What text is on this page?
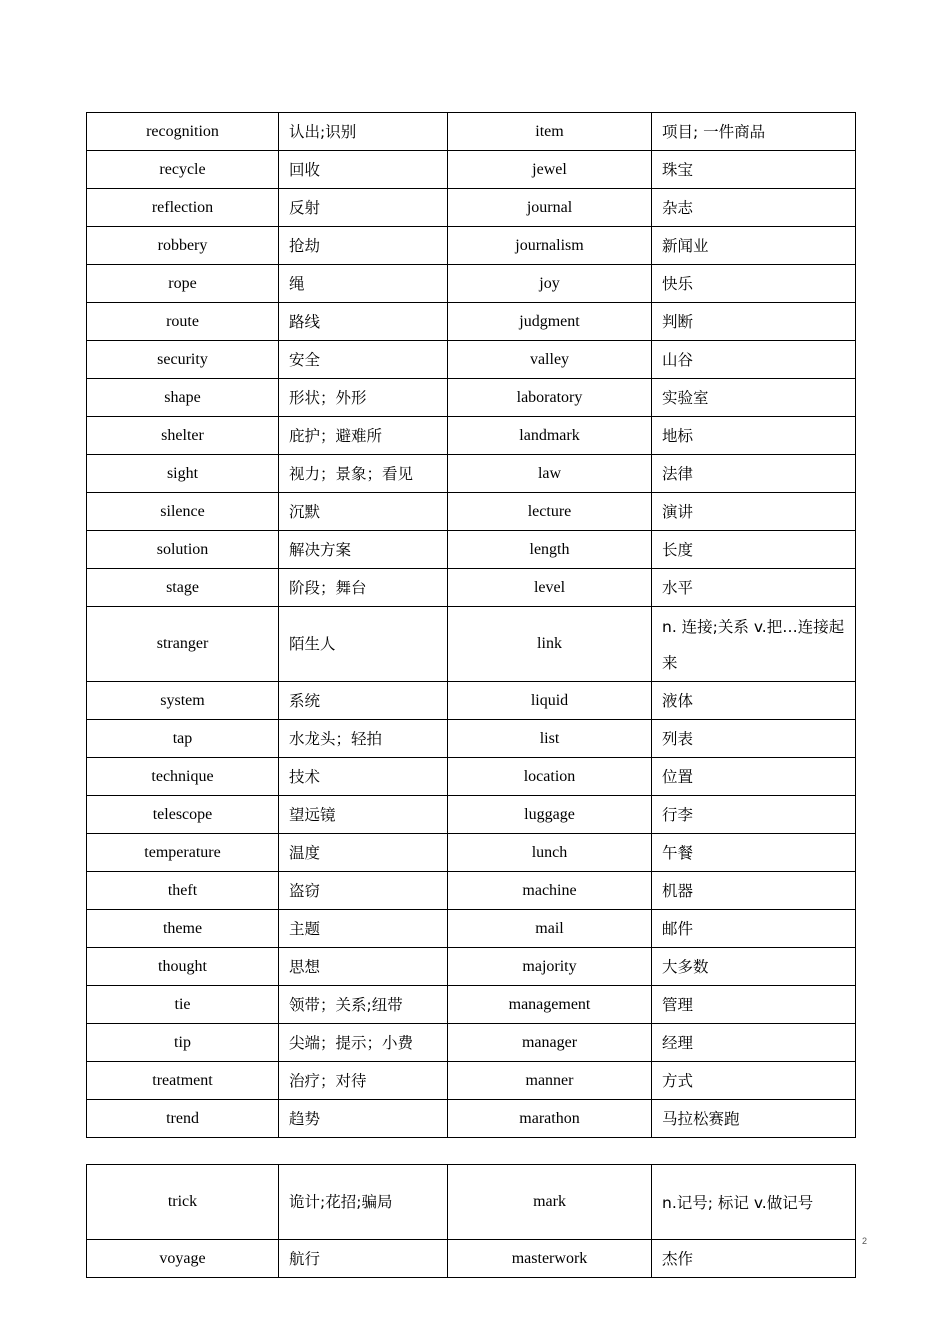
recognition	认出;识别	item	项目; 一件商品
recycle	回收	jewel	珠宝
reflection	反射	journal	杂志
robbery	抢劫	journalism	新闻业
rope	绳	joy	快乐
route	路线	judgment	判断
security	安全	valley	山谷
shape	形状；外形	laboratory	实验室
shelter	庇护；避难所	landmark	地标
sight	视力；景象；看见	law	法律
silence	沉默	lecture	演讲
solution	解决方案	length	长度
stage	阶段；舞台	level	水平
stranger	陌生人	link	n. 连接;关系 v.把…连接起来
system	系统	liquid	液体
tap	水龙头；轻拍	list	列表
technique	技术	location	位置
telescope	望远镜	luggage	行李
temperature	温度	lunch	午餐
theft	盗窃	machine	机器
theme	主题	mail	邮件
thought	思想	majority	大多数
tie	领带；关系;纽带	management	管理
tip	尖端；提示；小费	manager	经理
treatment	治疗；对待	manner	方式
trend	趋势	marathon	马拉松赛跑
trick	诡计;花招;骗局	mark	n.记号; 标记 v.做记号
voyage	航行	masterwork	杰作
2
